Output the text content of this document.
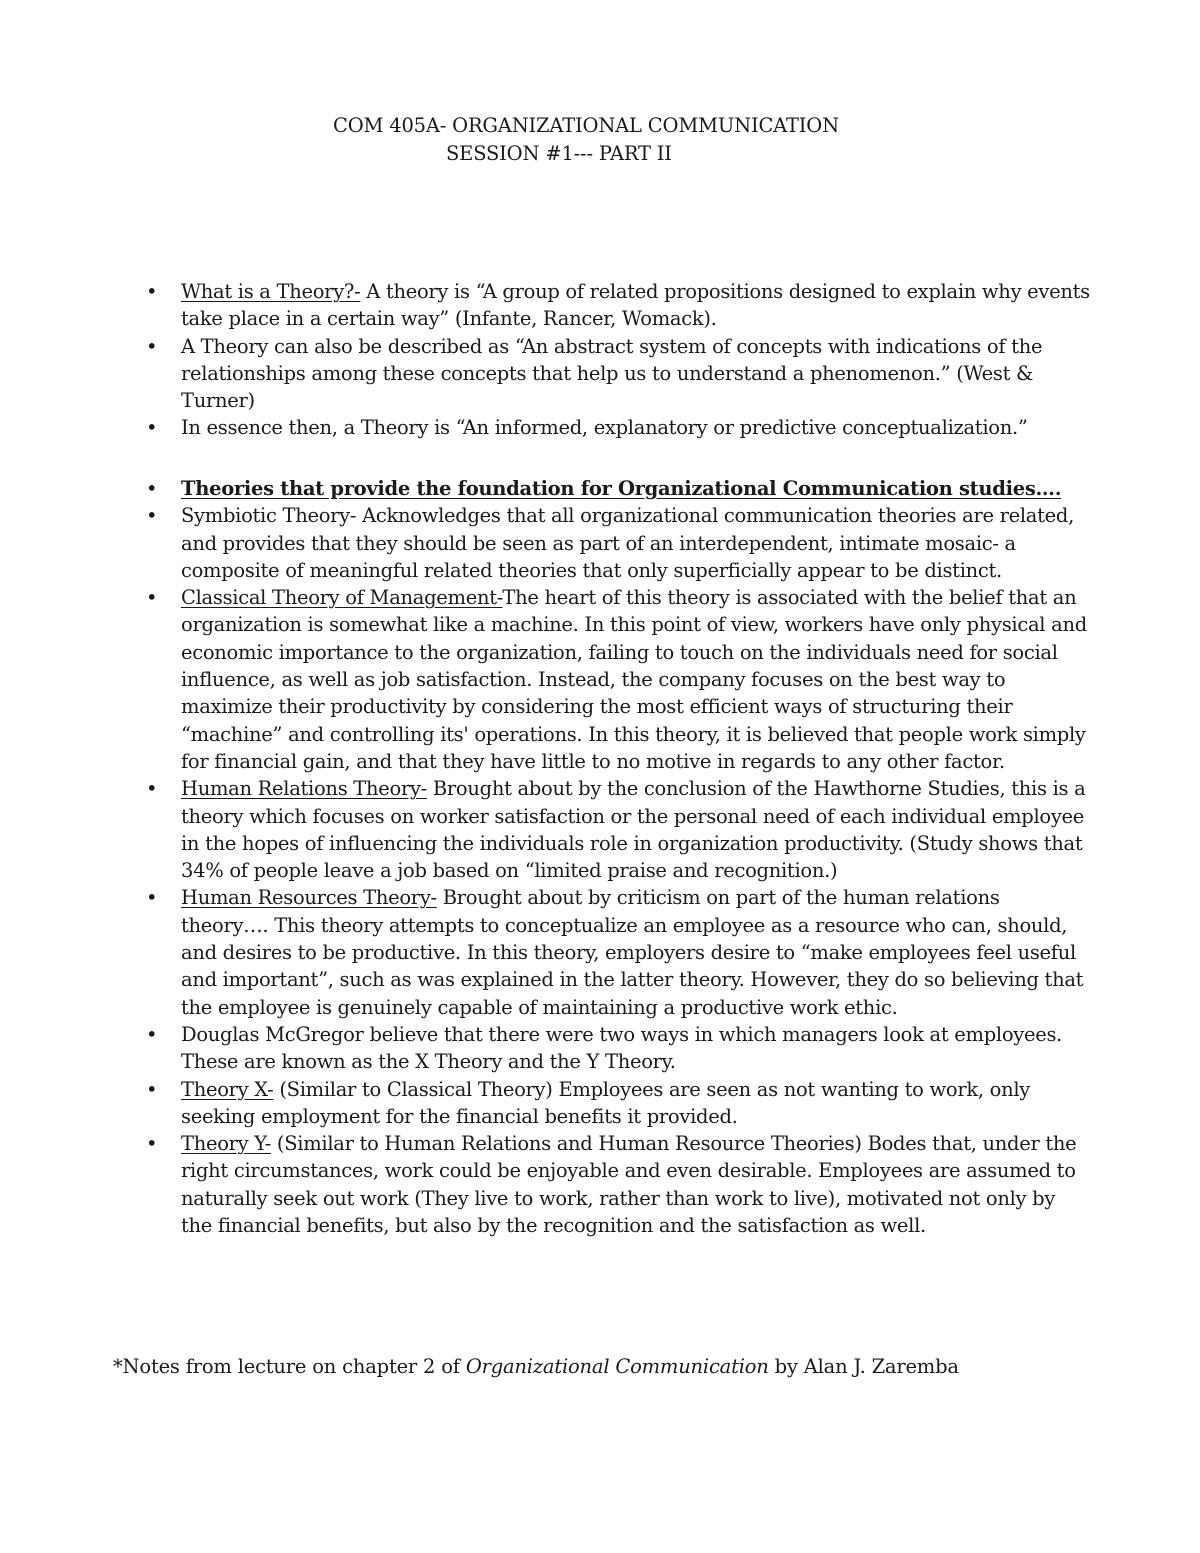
COM 405A- ORGANIZATIONAL COMMUNICATION
SESSION #1--- PART II
• What is a Theory?- A theory is “A group of related propositions designed to explain why events take place in a certain way” (Infante, Rancer, Womack).
• A Theory can also be described as “An abstract system of concepts with indications of the relationships among these concepts that help us to understand a phenomenon.” (West & Turner)
• In essence then, a Theory is “An informed, explanatory or predictive conceptualization.”
• Theories that provide the foundation for Organizational Communication studies….
• Symbiotic Theory- Acknowledges that all organizational communication theories are related, and provides that they should be seen as part of an interdependent, intimate mosaic- a composite of meaningful related theories that only superficially appear to be distinct.
• Classical Theory of Management-The heart of this theory is associated with the belief that an organization is somewhat like a machine. In this point of view, workers have only physical and economic importance to the organization, failing to touch on the individuals need for social influence, as well as job satisfaction. Instead, the company focuses on the best way to maximize their productivity by considering the most efficient ways of structuring their “machine” and controlling its' operations. In this theory, it is believed that people work simply for financial gain, and that they have little to no motive in regards to any other factor.
• Human Relations Theory- Brought about by the conclusion of the Hawthorne Studies, this is a theory which focuses on worker satisfaction or the personal need of each individual employee in the hopes of influencing the individuals role in organization productivity. (Study shows that 34% of people leave a job based on “limited praise and recognition.)
• Human Resources Theory- Brought about by criticism on part of the human relations theory…. This theory attempts to conceptualize an employee as a resource who can, should, and desires to be productive. In this theory, employers desire to “make employees feel useful and important”, such as was explained in the latter theory. However, they do so believing that the employee is genuinely capable of maintaining a productive work ethic.
• Douglas McGregor believe that there were two ways in which managers look at employees. These are known as the X Theory and the Y Theory.
• Theory X- (Similar to Classical Theory) Employees are seen as not wanting to work, only seeking employment for the financial benefits it provided.
• Theory Y- (Similar to Human Relations and Human Resource Theories) Bodes that, under the right circumstances, work could be enjoyable and even desirable. Employees are assumed to naturally seek out work (They live to work, rather than work to live), motivated not only by the financial benefits, but also by the recognition and the satisfaction as well.
*Notes from lecture on chapter 2 of Organizational Communication by Alan J. Zaremba
